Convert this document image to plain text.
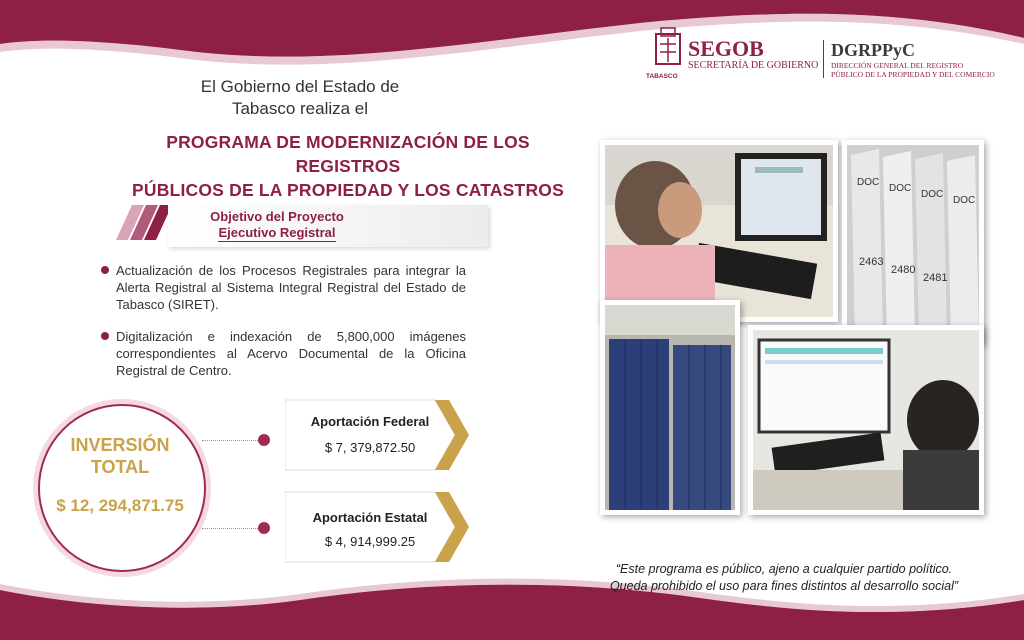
TABASCO
SEGOB
SECRETARÍA DE GOBIERNO
DGRPPyC
DIRECCIÓN GENERAL DEL REGISTRO
PÚBLICO DE LA PROPIEDAD Y DEL COMERCIO
El Gobierno del Estado de
Tabasco realiza el
PROGRAMA DE MODERNIZACIÓN DE LOS REGISTROS
PÚBLICOS DE LA PROPIEDAD Y LOS CATASTROS
Objetivo del Proyecto
Ejecutivo Registral
Actualización de los Procesos Registrales para integrar la Alerta Registral al Sistema Integral Registral del Estado de Tabasco (SIRET).
Digitalización e indexación de 5,800,000 imágenes correspondientes al Acervo Documental de la Oficina Registral de Centro.
INVERSIÓN
TOTAL
$ 12, 294,871.75
Aportación Federal
$ 7, 379,872.50
Aportación Estatal
$ 4, 914,999.25
DOC
DOC
DOC
DOC
2463
2480
2481
“Este programa es público, ajeno a cualquier partido político.
Queda prohibido el uso para fines distintos al desarrollo social”
